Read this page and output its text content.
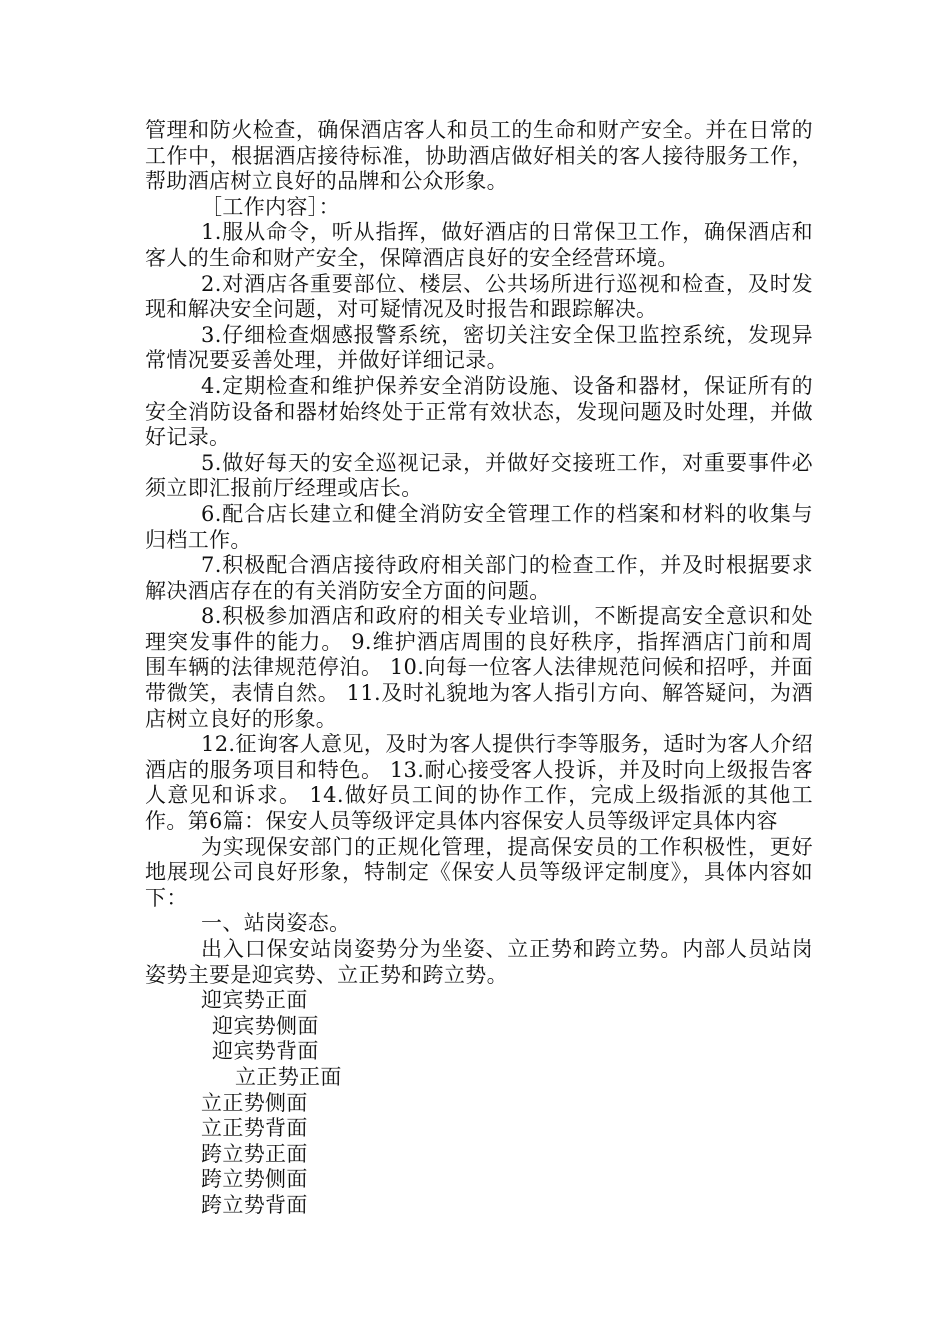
管理和防火检查，确保酒店客人和员工的生命和财产安全。并在日常的工作中，根据酒店接待标准，协助酒店做好相关的客人接待服务工作，帮助酒店树立良好的品牌和公众形象。

［工作内容］：

1.服从命令，听从指挥，做好酒店的日常保卫工作，确保酒店和客人的生命和财产安全，保障酒店良好的安全经营环境。

2.对酒店各重要部位、楼层、公共场所进行巡视和检查，及时发现和解决安全问题，对可疑情况及时报告和跟踪解决。

3.仔细检查烟感报警系统，密切关注安全保卫监控系统，发现异常情况要妥善处理，并做好详细记录。

4.定期检查和维护保养安全消防设施、设备和器材，保证所有的安全消防设备和器材始终处于正常有效状态，发现问题及时处理，并做好记录。

5.做好每天的安全巡视记录，并做好交接班工作，对重要事件必须立即汇报前厅经理或店长。

6.配合店长建立和健全消防安全管理工作的档案和材料的收集与归档工作。

7.积极配合酒店接待政府相关部门的检查工作，并及时根据要求解决酒店存在的有关消防安全方面的问题。

8.积极参加酒店和政府的相关专业培训，不断提高安全意识和处理突发事件的能力。 9.维护酒店周围的良好秩序，指挥酒店门前和周围车辆的法律规范停泊。 10.向每一位客人法律规范问候和招呼，并面带微笑，表情自然。 11.及时礼貌地为客人指引方向、解答疑问，为酒店树立良好的形象。

12.征询客人意见，及时为客人提供行李等服务，适时为客人介绍酒店的服务项目和特色。 13.耐心接受客人投诉，并及时向上级报告客人意见和诉求。 14.做好员工间的协作工作，完成上级指派的其他工作。第6篇：保安人员等级评定具体内容保安人员等级评定具体内容

为实现保安部门的正规化管理，提高保安员的工作积极性，更好地展现公司良好形象，特制定《保安人员等级评定制度》，具体内容如下：

一、站岗姿态。

出入口保安站岗姿势分为坐姿、立正势和跨立势。内部人员站岗姿势主要是迎宾势、立正势和跨立势。

迎宾势正面

迎宾势侧面

迎宾势背面

立正势正面

立正势侧面

立正势背面

跨立势正面

跨立势侧面

跨立势背面
